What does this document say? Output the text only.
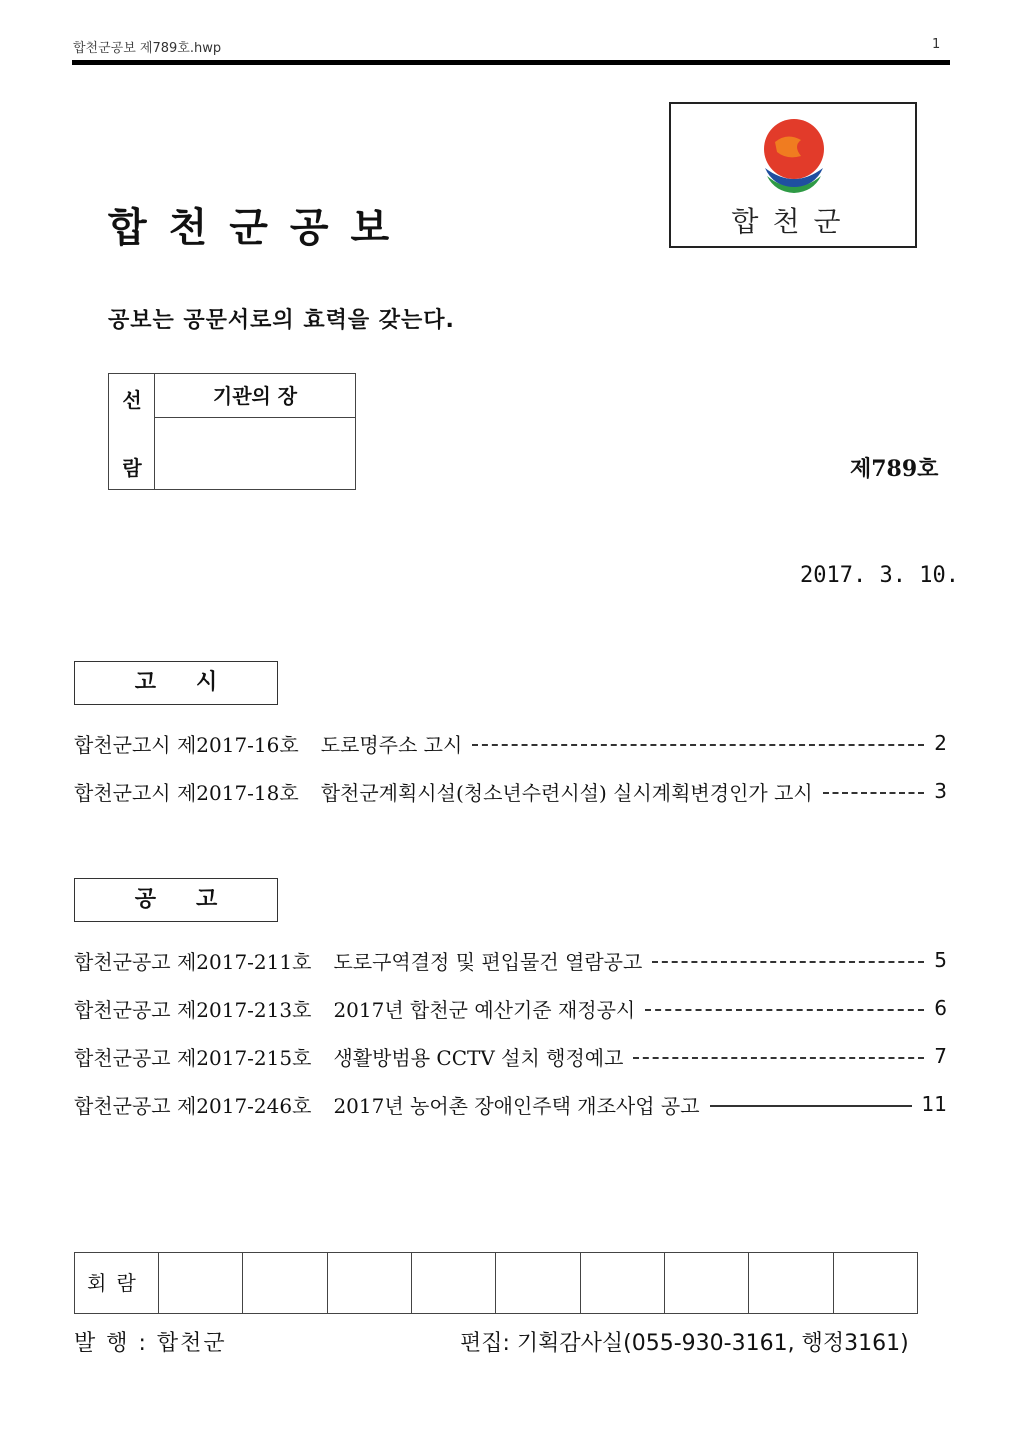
합천군공보 제789호.hwp	1
합천군공보	합천군
공보는 공문서로의 효력을 갖는다.
선
람
기관의 장
제789호
2017. 3. 10.
고시
합천군고시 제2017-16호 도로명주소 고시	2
합천군고시 제2017-18호 합천군계획시설(청소년수련시설) 실시계획변경인가 고시	3
공고
합천군공고 제2017-211호 도로구역결정 및 편입물건 열람공고	5
합천군공고 제2017-213호 2017년 합천군 예산기준 재정공시	6
합천군공고 제2017-215호 생활방범용 CCTV 설치 행정예고	7
합천군공고 제2017-246호 2017년 농어촌 장애인주택 개조사업 공고	11
회람
발 행 : 합천군	편집: 기획감사실(055-930-3161, 행정3161)
